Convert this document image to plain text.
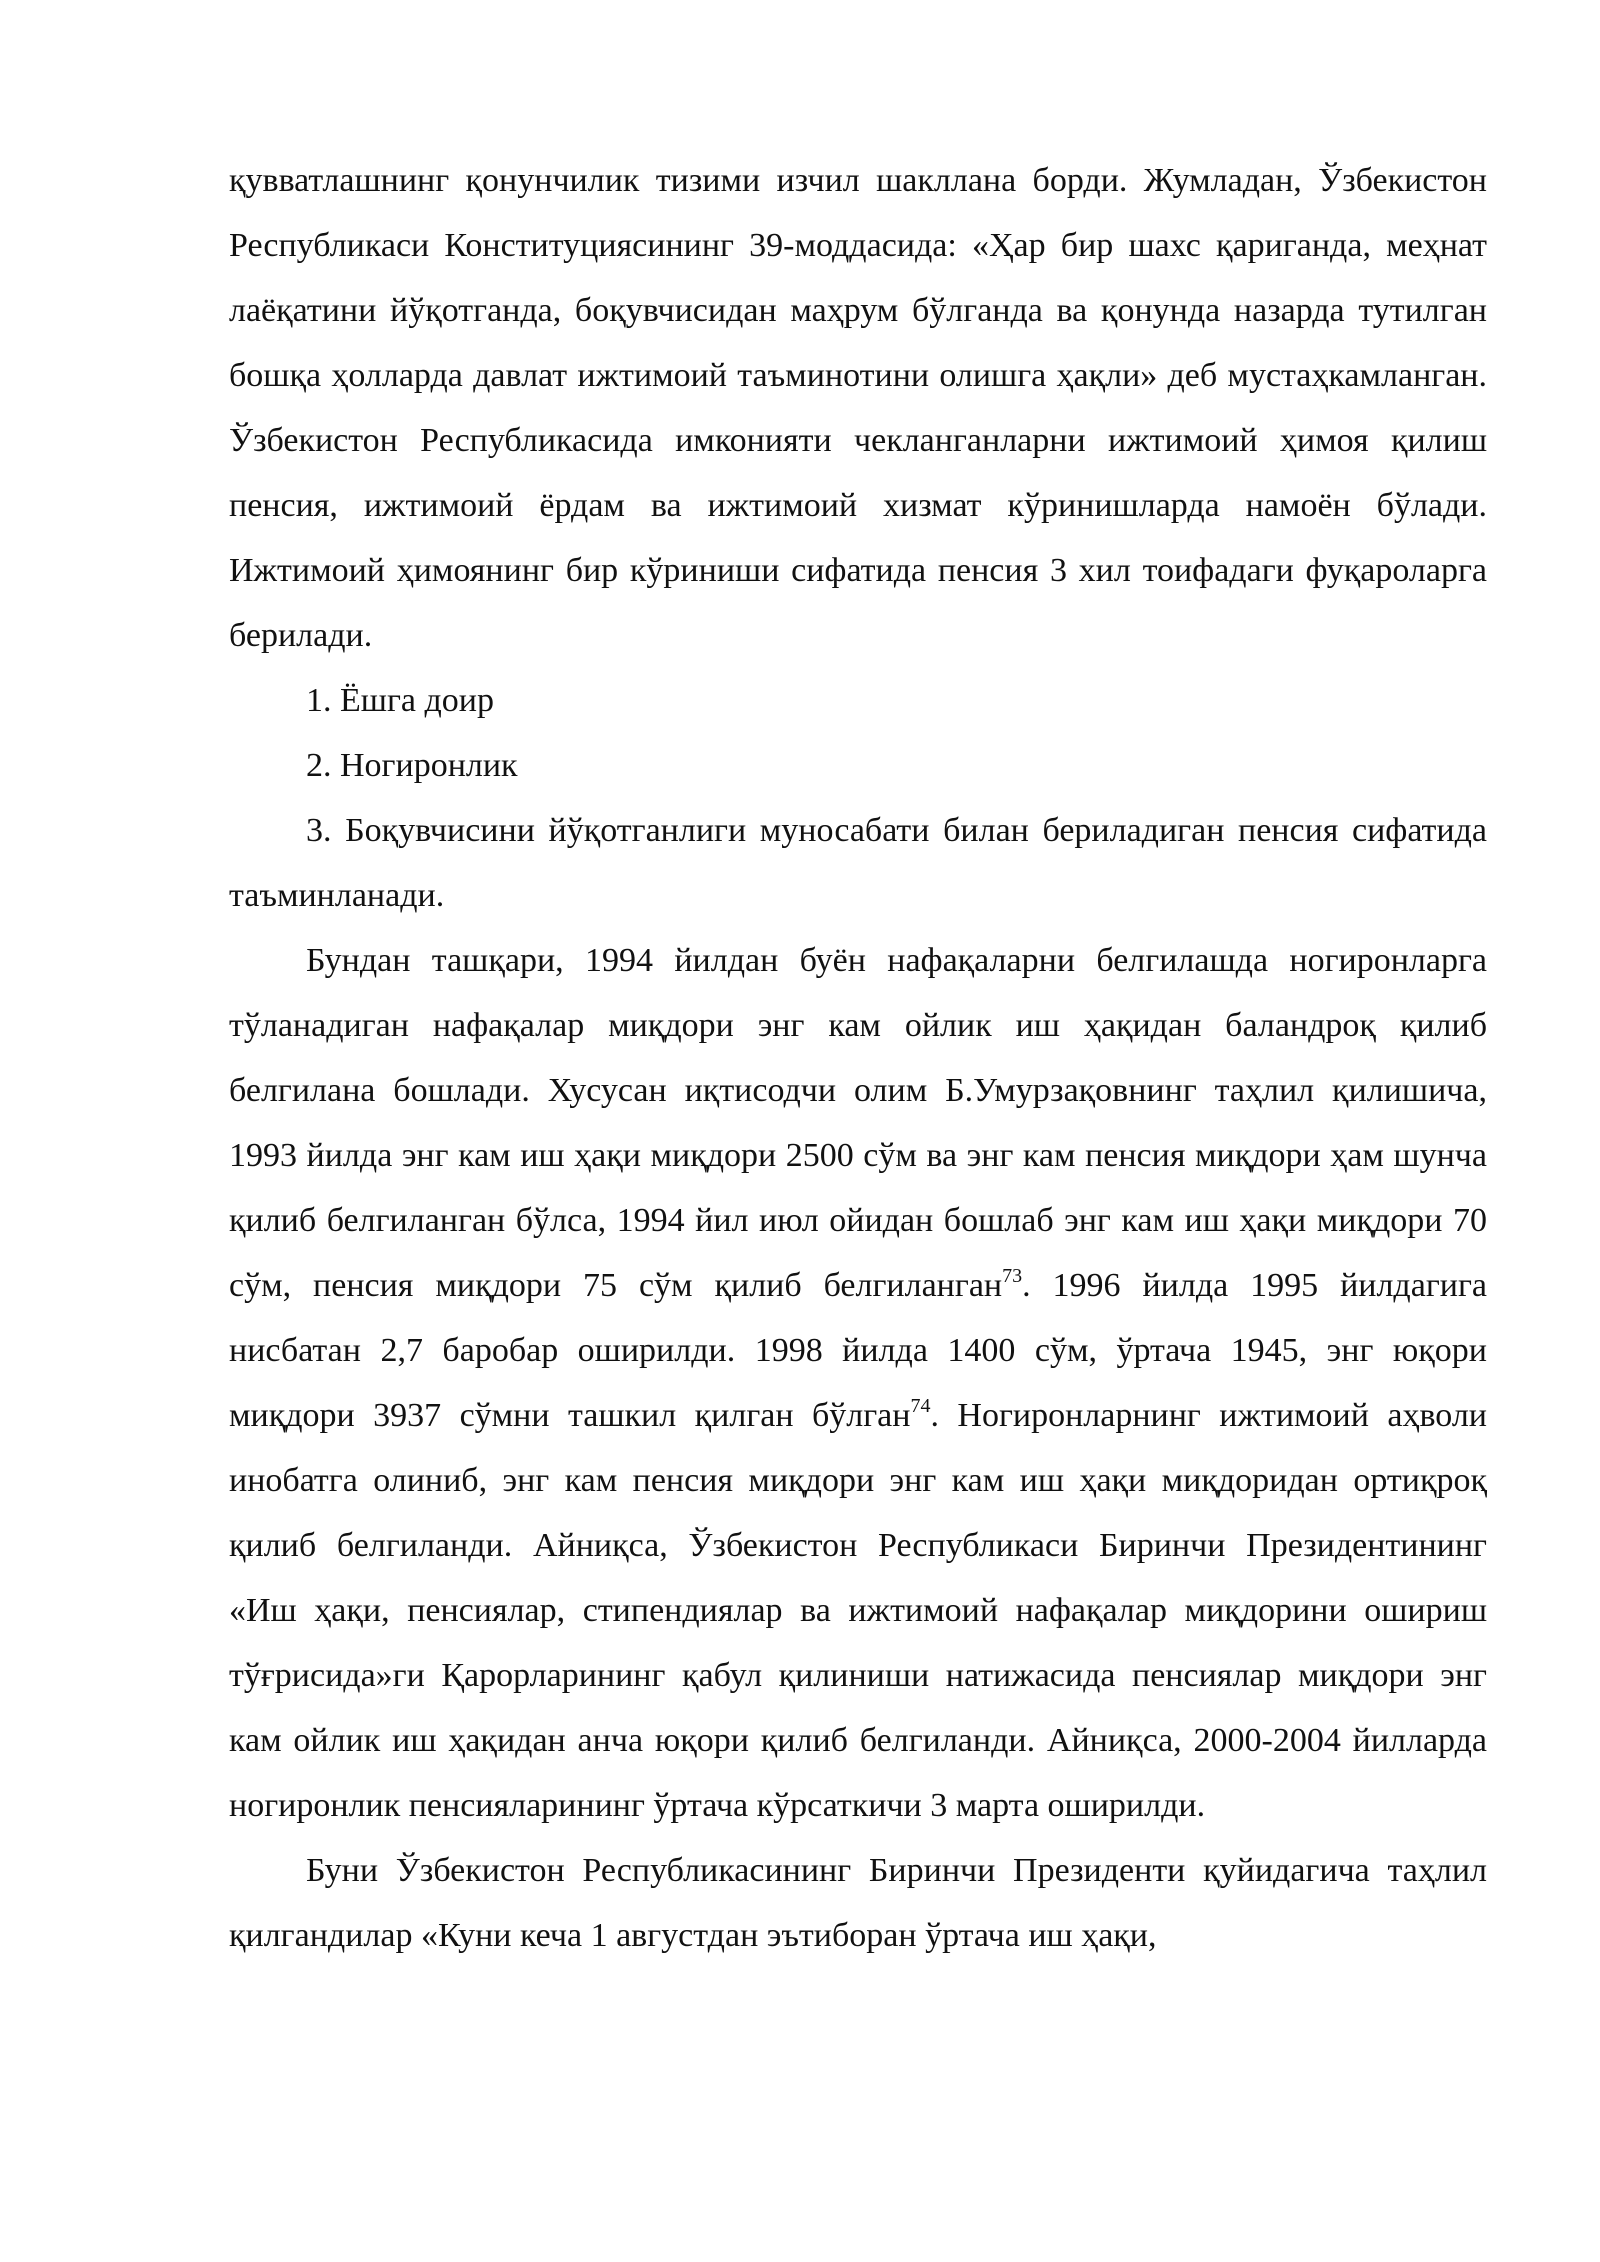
қувватлашнинг қонунчилик тизими изчил шакллана борди. Жумладан, Ўзбекистон Республикаси Конституциясининг 39-моддасида: «Ҳар бир шахс қариганда, меҳнат лаёқатини йўқотганда, боқувчисидан маҳрум бўлганда ва қонунда назарда тутилган бошқа ҳолларда давлат ижтимоий таъминотини олишга ҳақли» деб мустаҳкамланган. Ўзбекистон Республикасида имконияти чекланганларни ижтимоий ҳимоя қилиш пенсия, ижтимоий ёрдам ва ижтимоий хизмат кўринишларда намоён бўлади. Ижтимоий ҳимоянинг бир кўриниши сифатида пенсия 3 хил тоифадаги фуқароларга берилади.

1. Ёшга доир

2. Ногиронлик

3. Боқувчисини йўқотганлиги муносабати билан бериладиган пенсия сифатида таъминланади.

Бундан ташқари, 1994 йилдан буён нафақаларни белгилашда ногиронларга тўланадиган нафақалар миқдори энг кам ойлик иш ҳақидан баландроқ қилиб белгилана бошлади. Хусусан иқтисодчи олим Б.Умурзақовнинг таҳлил қилишича, 1993 йилда энг кам иш ҳақи миқдори 2500 сўм ва энг кам пенсия миқдори ҳам шунча қилиб белгиланган бўлса, 1994 йил июл ойидан бошлаб энг кам иш ҳақи миқдори 70 сўм, пенсия миқдори 75 сўм қилиб белгиланган$^{73}$. 1996 йилда 1995 йилдагига нисбатан 2,7 баробар оширилди. 1998 йилда 1400 сўм, ўртача 1945, энг юқори миқдори 3937 сўмни ташкил қилган бўлган$^{74}$. Ногиронларнинг ижтимоий аҳволи инобатга олиниб, энг кам пенсия миқдори энг кам иш ҳақи миқдоридан ортиқроқ қилиб белгиланди. Айниқса, Ўзбекистон Республикаси Биринчи Президентининг «Иш ҳақи, пенсиялар, стипендиялар ва ижтимоий нафақалар миқдорини ошириш тўғрисида»ги Қарорларининг қабул қилиниши натижасида пенсиялар миқдори энг кам ойлик иш ҳақидан анча юқори қилиб белгиланди. Айниқса, 2000-2004 йилларда ногиронлик пенсияларининг ўртача кўрсаткичи 3 марта оширилди.

Буни Ўзбекистон Республикасининг Биринчи Президенти қуйидагича таҳлил қилгандилар «Куни кеча 1 августдан эътиборан ўртача иш ҳақи,
